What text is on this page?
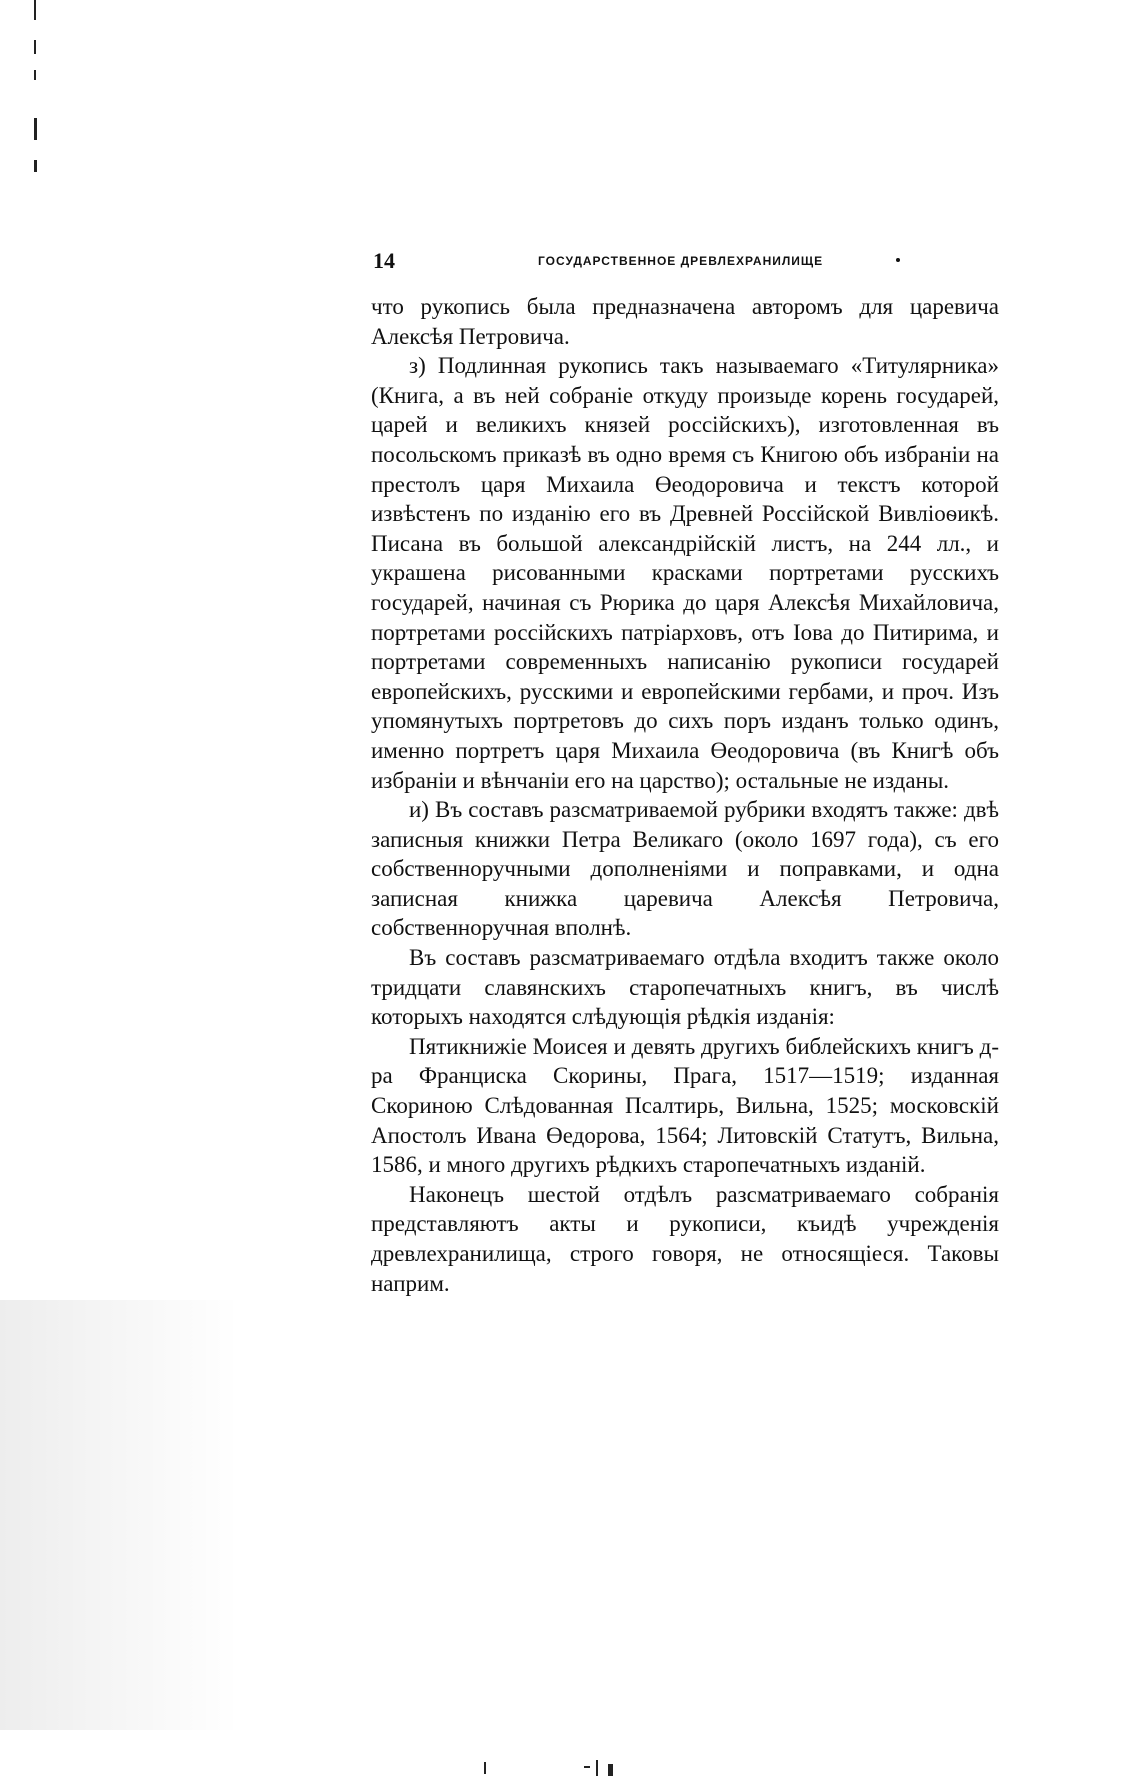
14	ГОСУДАРСТВЕННОЕ ДРЕВЛЕХРАНИЛИЩЕ

что рукопись была предназначена авторомъ для царевича Алексѣя Петровича.

з) Подлинная рукопись такъ называемаго «Титулярника» (Книга, а въ ней собраніе откуду произыде корень государей, царей и великихъ князей россійскихъ), изготовленная въ посольскомъ приказѣ въ одно время съ Книгою объ избраніи на престолъ царя Михаила Өеодоровича и текстъ которой извѣстенъ по изданію его въ Древней Россійской Вивліоѳикѣ. Писана въ большой александрійскій листъ, на 244 лл., и украшена рисованными красками портретами русскихъ государей, начиная съ Рюрика до царя Алексѣя Михайловича, портретами россійскихъ патріарховъ, отъ Іова до Питирима, и портретами современныхъ написанію рукописи государей европейскихъ, русскими и европейскими гербами, и проч. Изъ упомянутыхъ портретовъ до сихъ поръ изданъ только одинъ, именно портретъ царя Михаила Өеодоровича (въ Книгѣ объ избраніи и вѣнчаніи его на царство); остальные не изданы.

и) Въ составъ разсматриваемой рубрики входятъ также: двѣ записныя книжки Петра Великаго (около 1697 года), съ его собственноручными дополненіями и поправками, и одна записная книжка царевича Алексѣя Петровича, собственноручная вполнѣ.

Въ составъ разсматриваемаго отдѣла входитъ также около тридцати славянскихъ старопечатныхъ книгъ, въ числѣ которыхъ находятся слѣдующія рѣдкія изданія:

Пятикнижіе Моисея и девять другихъ библейскихъ книгъ д-ра Франциска Скорины, Прага, 1517—1519; изданная Скориною Слѣдованная Псалтирь, Вильна, 1525; московскій Апостолъ Ивана Өедорова, 1564; Литовскій Статутъ, Вильна, 1586, и много другихъ рѣдкихъ старопечатныхъ изданій.

Наконецъ шестой отдѣлъ разсматриваемаго собранія представляютъ акты и рукописи, къидѣ учрежденія древлехранилища, строго говоря, не относящіеся. Таковы наприм.
